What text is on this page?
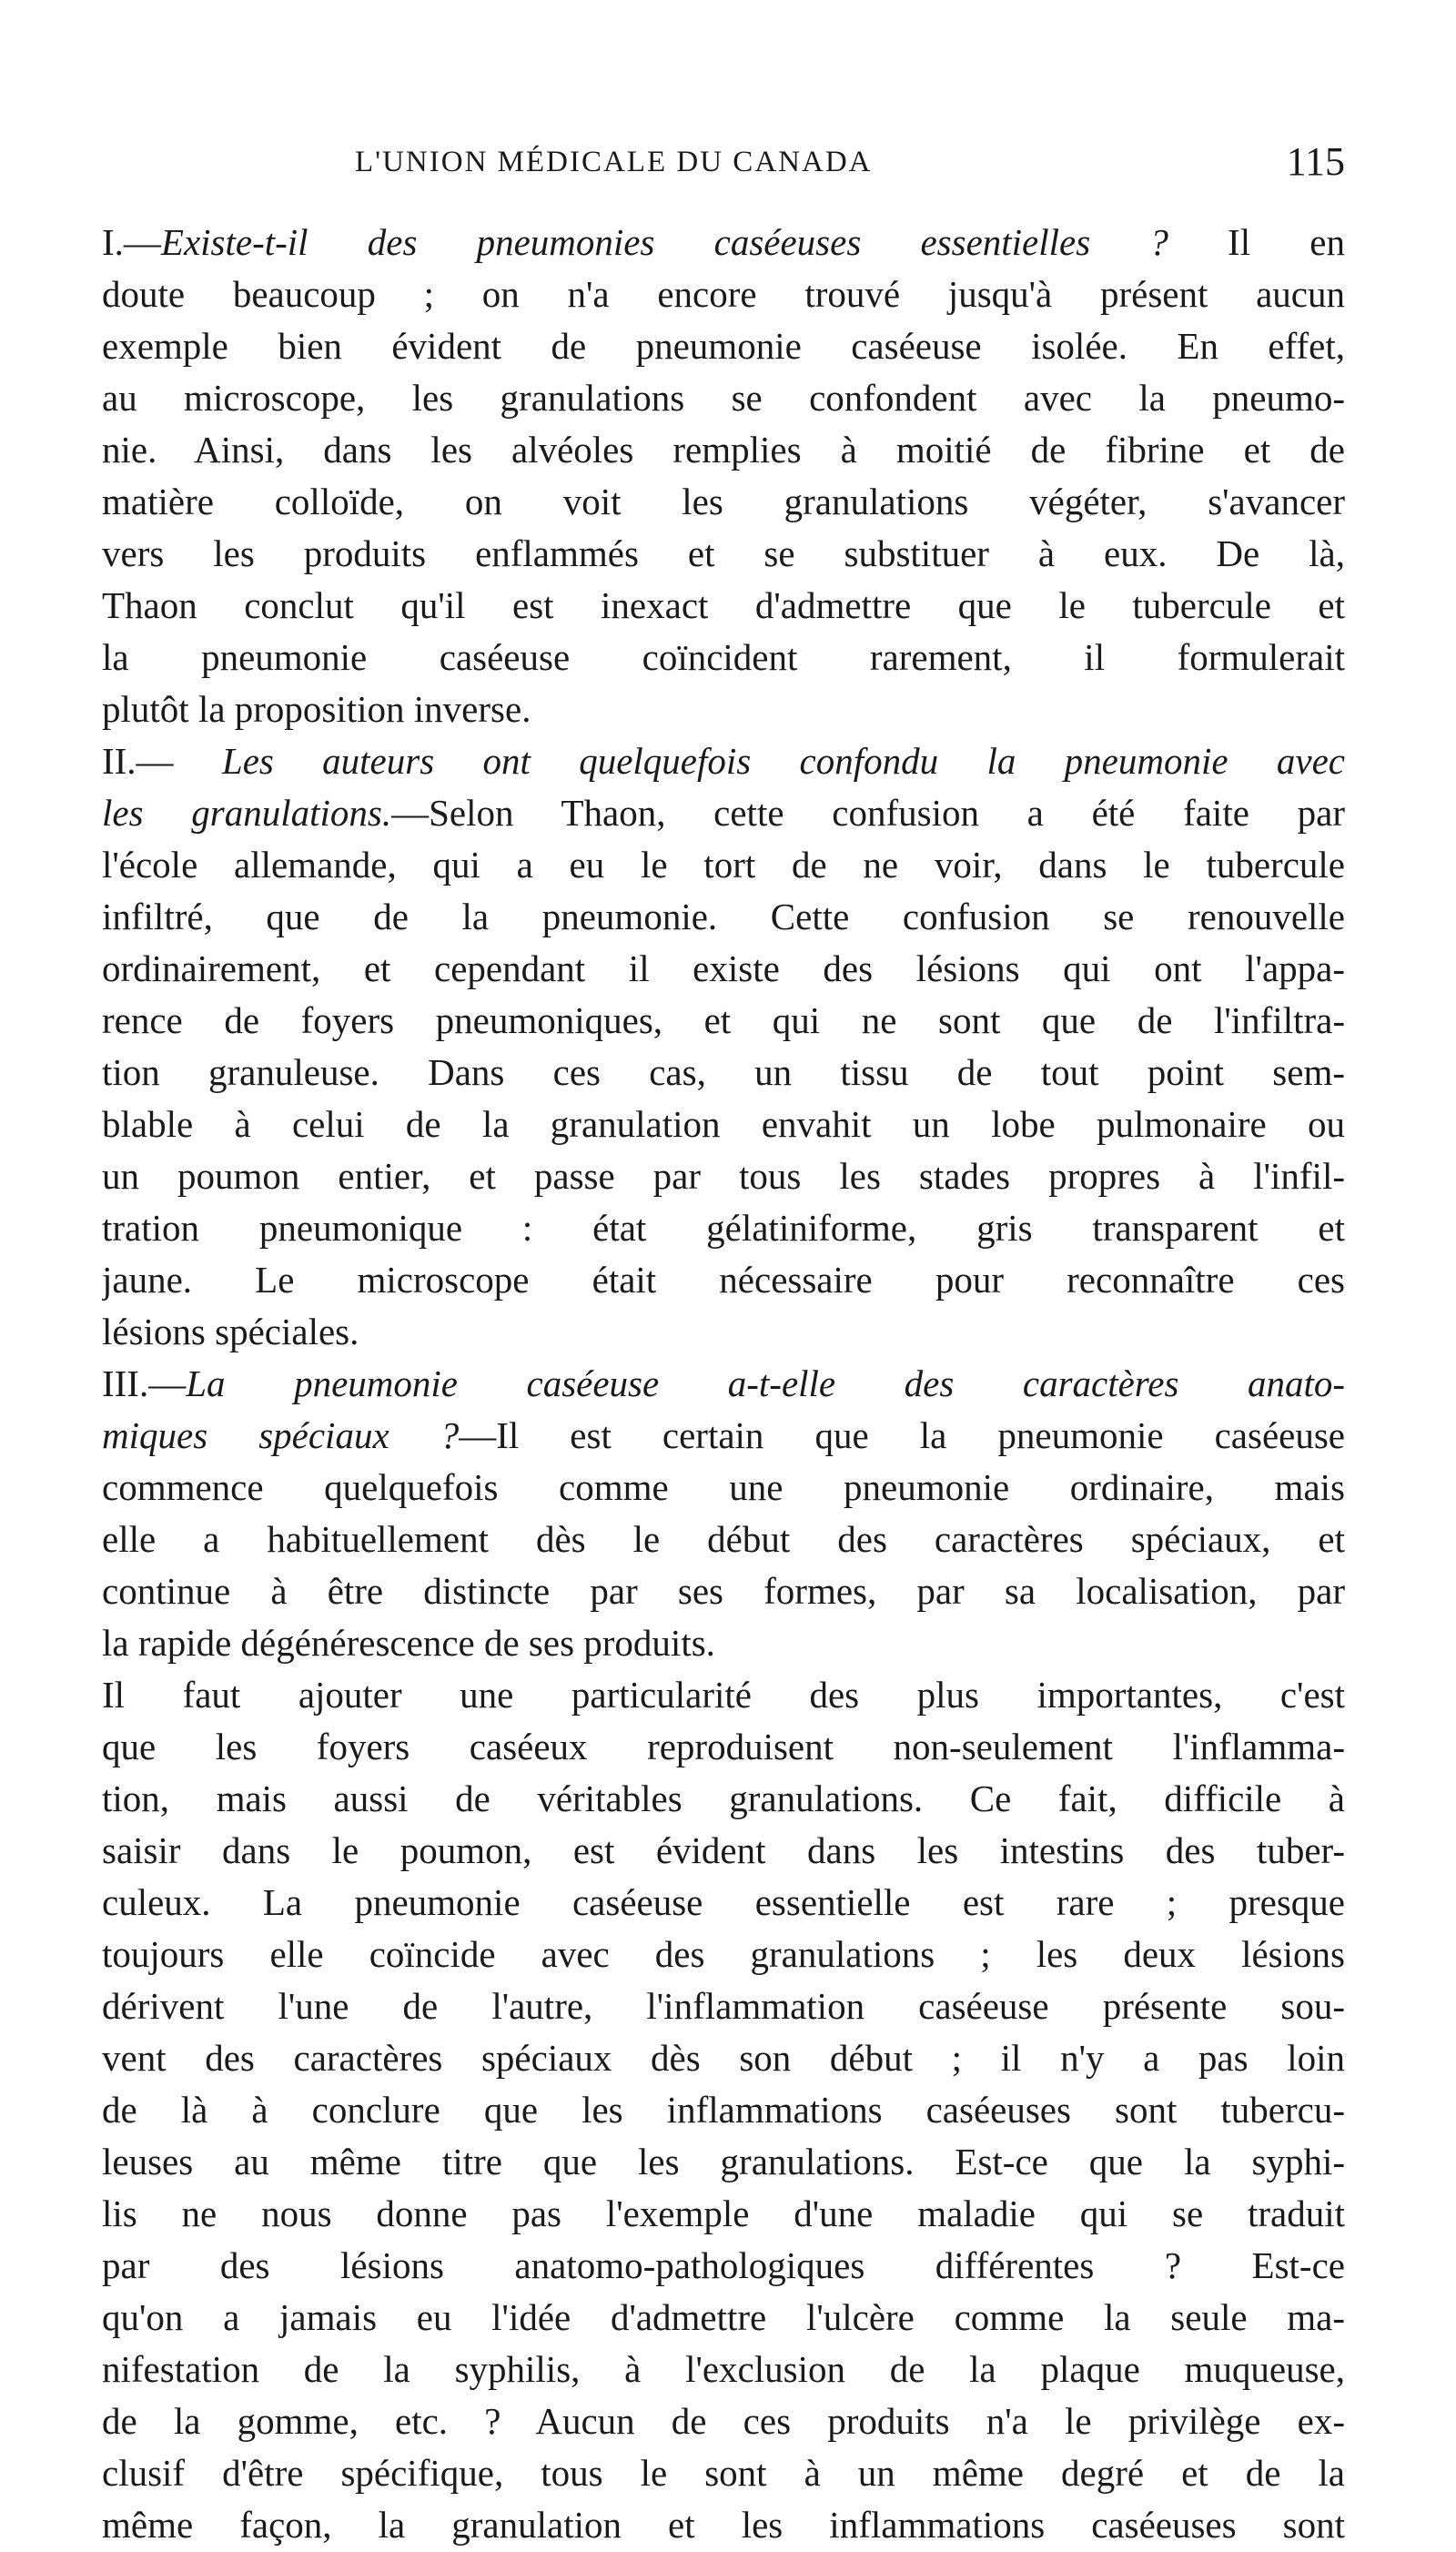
L'UNION MÉDICALE DU CANADA	115
I.—Existe-t-il des pneumonies caséeuses essentielles ? Il en
doute beaucoup ; on n'a encore trouvé jusqu'à présent aucun
exemple bien évident de pneumonie caséeuse isolée. En effet,
au microscope, les granulations se confondent avec la pneumo-
nie. Ainsi, dans les alvéoles remplies à moitié de fibrine et de
matière colloïde, on voit les granulations végéter, s'avancer
vers les produits enflammés et se substituer à eux. De là,
Thaon conclut qu'il est inexact d'admettre que le tubercule et
la pneumonie caséeuse coïncident rarement, il formulerait
plutôt la proposition inverse.
II.— Les auteurs ont quelquefois confondu la pneumonie avec
les granulations.—Selon Thaon, cette confusion a été faite par
l'école allemande, qui a eu le tort de ne voir, dans le tubercule
infiltré, que de la pneumonie. Cette confusion se renouvelle
ordinairement, et cependant il existe des lésions qui ont l'appa-
rence de foyers pneumoniques, et qui ne sont que de l'infiltra-
tion granuleuse. Dans ces cas, un tissu de tout point sem-
blable à celui de la granulation envahit un lobe pulmonaire ou
un poumon entier, et passe par tous les stades propres à l'infil-
tration pneumonique : état gélatiniforme, gris transparent et
jaune. Le microscope était nécessaire pour reconnaître ces
lésions spéciales.
III.—La pneumonie caséeuse a-t-elle des caractères anato-
miques spéciaux ?—Il est certain que la pneumonie caséeuse
commence quelquefois comme une pneumonie ordinaire, mais
elle a habituellement dès le début des caractères spéciaux, et
continue à être distincte par ses formes, par sa localisation, par
la rapide dégénérescence de ses produits.
Il faut ajouter une particularité des plus importantes, c'est
que les foyers caséeux reproduisent non-seulement l'inflamma-
tion, mais aussi de véritables granulations. Ce fait, difficile à
saisir dans le poumon, est évident dans les intestins des tuber-
culeux. La pneumonie caséeuse essentielle est rare ; presque
toujours elle coïncide avec des granulations ; les deux lésions
dérivent l'une de l'autre, l'inflammation caséeuse présente sou-
vent des caractères spéciaux dès son début ; il n'y a pas loin
de là à conclure que les inflammations caséeuses sont tubercu-
leuses au même titre que les granulations. Est-ce que la syphi-
lis ne nous donne pas l'exemple d'une maladie qui se traduit
par des lésions anatomo-pathologiques différentes ? Est-ce
qu'on a jamais eu l'idée d'admettre l'ulcère comme la seule ma-
nifestation de la syphilis, à l'exclusion de la plaque muqueuse,
de la gomme, etc. ? Aucun de ces produits n'a le privilège ex-
clusif d'être spécifique, tous le sont à un même degré et de la
même façon, la granulation et les inflammations caséeuses sont
